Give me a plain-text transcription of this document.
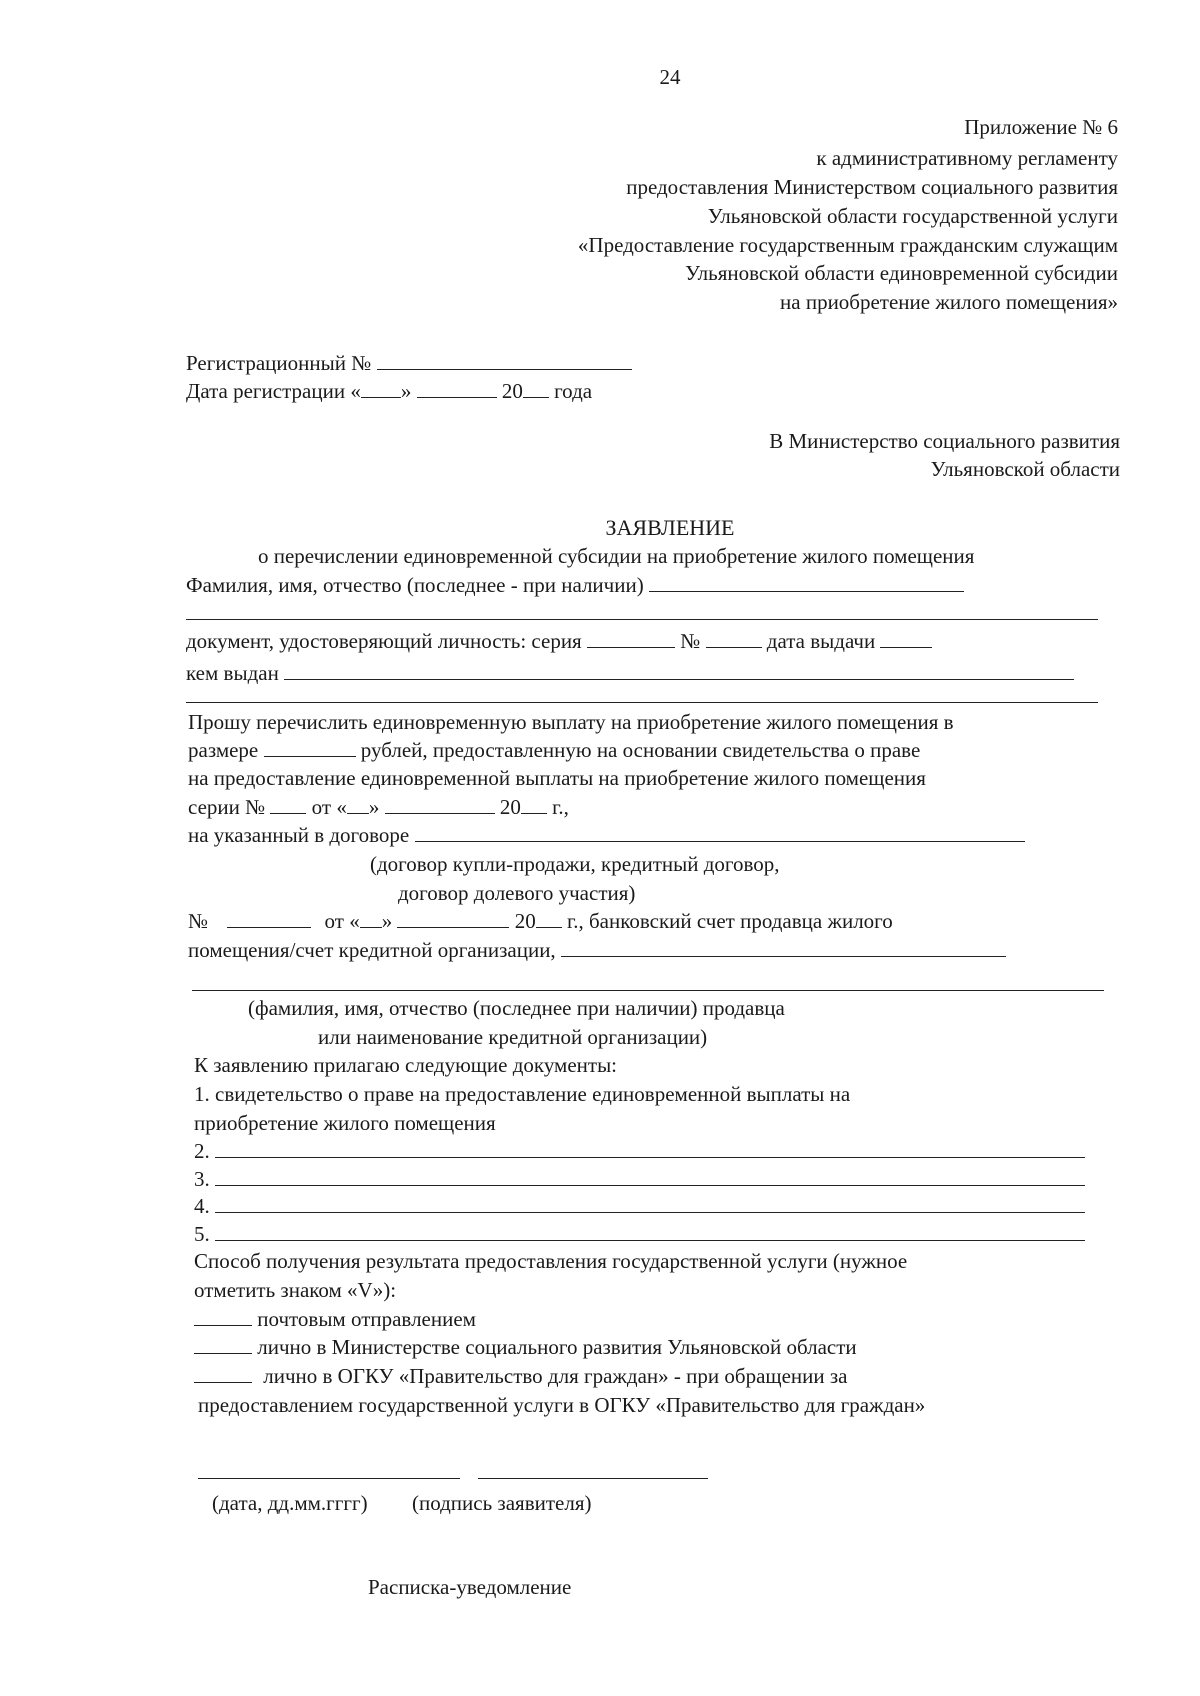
24
Приложение № 6
к административному регламенту
предоставления Министерством социального развития
Ульяновской области государственной услуги
«Предоставление государственным гражданским служащим
Ульяновской области единовременной субсидии
на приобретение жилого помещения»
Регистрационный №
Дата регистрации « »	20 года
В Министерство социального развития
Ульяновской области
ЗАЯВЛЕНИЕ
о перечислении единовременной субсидии на приобретение жилого помещения
Фамилия, имя, отчество (последнее - при наличии)
документ, удостоверяющий личность: серия	№	дата выдачи
кем выдан
Прошу перечислить единовременную выплату на приобретение жилого помещения в
размере	рублей, предоставленную на основании свидетельства о праве
на предоставление единовременной выплаты на приобретение жилого помещения
серии № от « »	20 г.,
на указанный в договоре
(договор купли-продажи, кредитный договор,
договор долевого участия)
№	от « »	20 г., банковский счет продавца жилого
помещения/счет кредитной организации,
(фамилия, имя, отчество (последнее при наличии) продавца
или наименование кредитной организации)
К заявлению прилагаю следующие документы:
1. свидетельство о праве на предоставление единовременной выплаты на
приобретение жилого помещения
2.
3.
4.
5.
Способ получения результата предоставления государственной услуги (нужное
отметить знаком «V»):
почтовым отправлением
лично в Министерстве социального развития Ульяновской области
лично в ОГКУ «Правительство для граждан» - при обращении за
предоставлением государственной услуги в ОГКУ «Правительство для граждан»
(дата, дд.мм.гггг) (подпись заявителя)
Расписка-уведомление
